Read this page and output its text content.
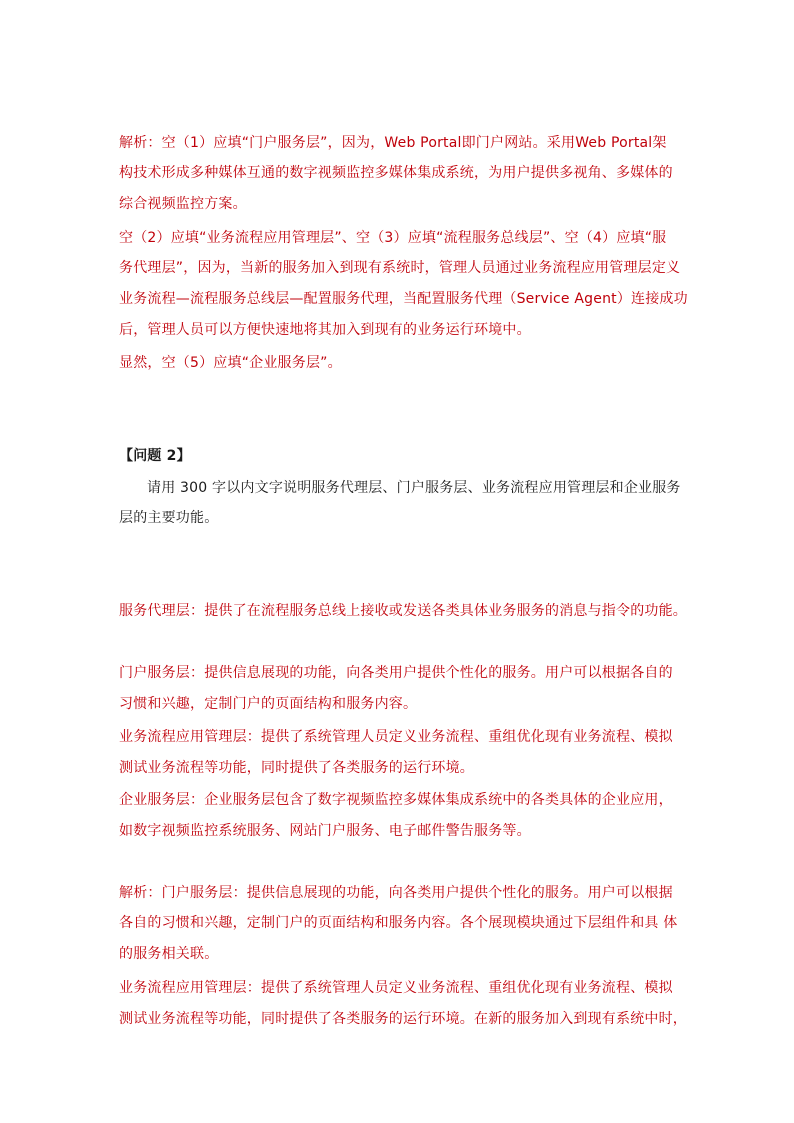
解析：空（1）应填“门户服务层”，因为，Web Portal即门户网站。采用Web Portal架
构技术形成多种媒体互通的数字视频监控多媒体集成系统，为用户提供多视角、多媒体的
综合视频监控方案。
空（2）应填“业务流程应用管理层”、空（3）应填“流程服务总线层”、空（4）应填“服
务代理层”，因为，当新的服务加入到现有系统时，管理人员通过业务流程应用管理层定义
业务流程—流程服务总线层—配置服务代理，当配置服务代理（Service Agent）连接成功
后，管理人员可以方便快速地将其加入到现有的业务运行环境中。
显然，空（5）应填“企业服务层”。
【问题 2】
请用 300 字以内文字说明服务代理层、门户服务层、业务流程应用管理层和企业服务
层的主要功能。
服务代理层：提供了在流程服务总线上接收或发送各类具体业务服务的消息与指令的功能。
门户服务层：提供信息展现的功能，向各类用户提供个性化的服务。用户可以根据各自的
习惯和兴趣，定制门户的页面结构和服务内容。
业务流程应用管理层：提供了系统管理人员定义业务流程、重组优化现有业务流程、模拟
测试业务流程等功能，同时提供了各类服务的运行环境。
企业服务层：企业服务层包含了数字视频监控多媒体集成系统中的各类具体的企业应用，
如数字视频监控系统服务、网站门户服务、电子邮件警告服务等。
解析：门户服务层：提供信息展现的功能，向各类用户提供个性化的服务。用户可以根据
各自的习惯和兴趣，定制门户的页面结构和服务内容。各个展现模块通过下层组件和具 体
的服务相关联。
业务流程应用管理层：提供了系统管理人员定义业务流程、重组优化现有业务流程、模拟
测试业务流程等功能，同时提供了各类服务的运行环境。在新的服务加入到现有系统中时，
